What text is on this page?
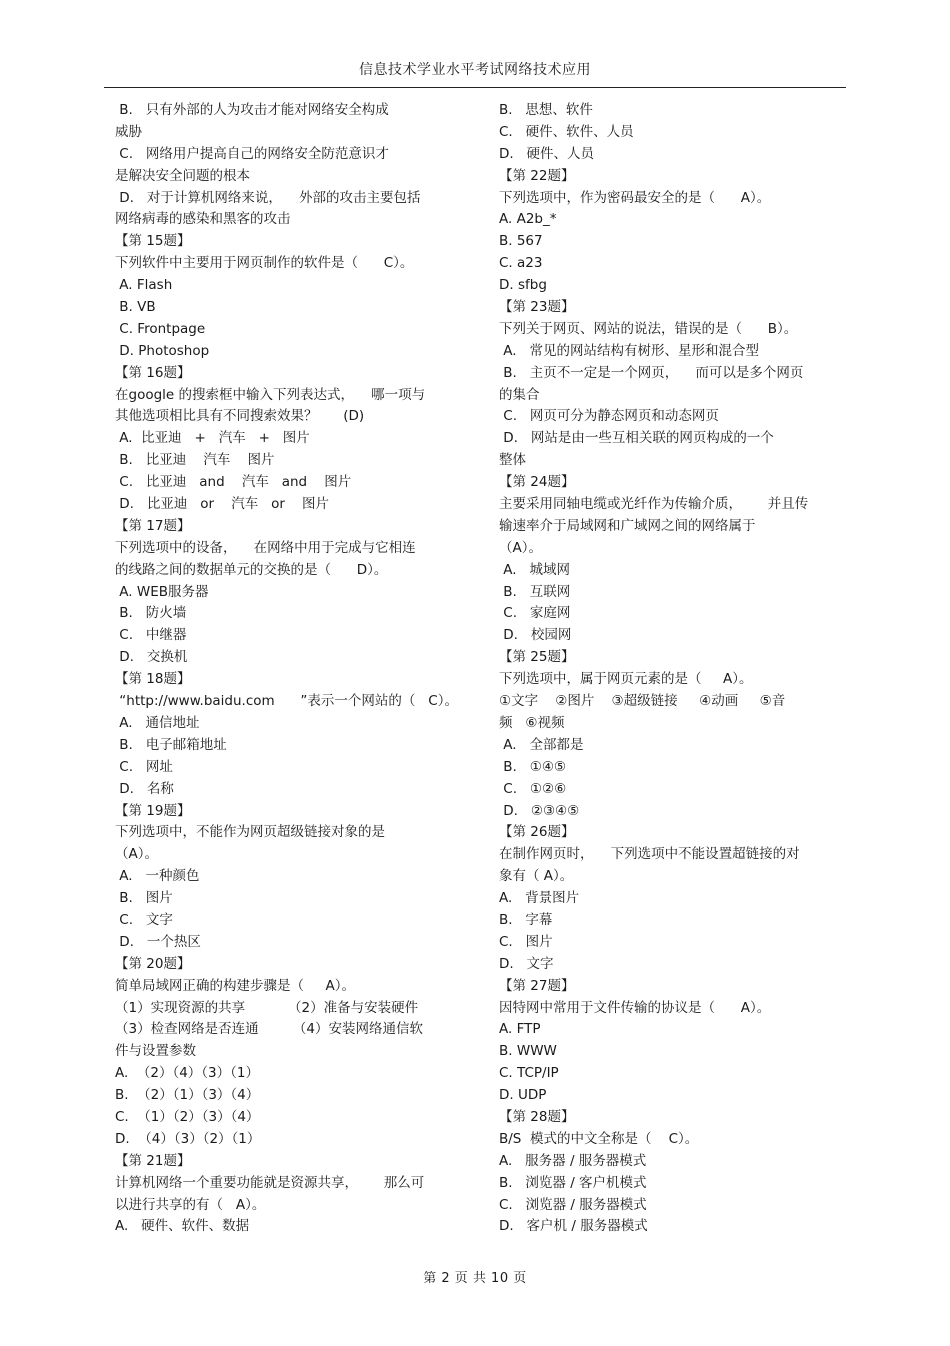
信息技术学业水平考试网络技术应用
B.   只有外部的人为攻击才能对网络安全构成
威胁
C.   网络用户提高自己的网络安全防范意识才
是解决安全问题的根本
D.   对于计算机网络来说，    外部的攻击主要包括
网络病毒的感染和黑客的攻击
【第 15题】
下列软件中主要用于网页制作的软件是（      C）。
A. Flash
B. VB
C. Frontpage
D. Photoshop
【第 16题】
在google 的搜索框中输入下列表达式，    哪一项与
其他选项相比具有不同搜索效果？      (D)
A.  比亚迪   +   汽车   +   图片
B.   比亚迪    汽车    图片
C.   比亚迪   and    汽车   and    图片
D.   比亚迪   or    汽车   or    图片
【第 17题】
下列选项中的设备，    在网络中用于完成与它相连
的线路之间的数据单元的交换的是（      D）。
A. WEB服务器
B.   防火墙
C.   中继器
D.   交换机
【第 18题】
“http://www.baidu.com      ”表示一个网站的（   C）。
A.   通信地址
B.   电子邮箱地址
C.   网址
D.   名称
【第 19题】
下列选项中，不能作为网页超级链接对象的是
（A）。
A.   一种颜色
B.   图片
C.   文字
D.   一个热区
【第 20题】
简单局域网正确的构建步骤是（     A）。
（1）实现资源的共享          （2）准备与安装硬件
（3）检查网络是否连通        （4）安装网络通信软
件与设置参数
A.  （2）（4）（3）（1）
B.  （2）（1）（3）（4）
C.  （1）（2）（3）（4）
D.  （4）（3）（2）（1）
【第 21题】
计算机网络一个重要功能就是资源共享，      那么可
以进行共享的有（   A）。
A.   硬件、软件、数据
B.   思想、软件
C.   硬件、软件、人员
D.   硬件、人员
【第 22题】
下列选项中，作为密码最安全的是（      A）。
A. A2b_*
B. 567
C. a23
D. sfbg
【第 23题】
下列关于网页、网站的说法，错误的是（      B）。
A.   常见的网站结构有树形、星形和混合型
B.   主页不一定是一个网页，    而可以是多个网页
的集合
C.   网页可分为静态网页和动态网页
D.   网站是由一些互相关联的网页构成的一个
整体
【第 24题】
主要采用同轴电缆或光纤作为传输介质，      并且传
输速率介于局域网和广域网之间的网络属于
（A）。
A.   城域网
B.   互联网
C.   家庭网
D.   校园网
【第 25题】
下列选项中，属于网页元素的是（     A）。
①文字    ②图片    ③超级链接     ④动画     ⑤音
频   ⑥视频
A.   全部都是
B.   ①④⑤
C.   ①②⑥
D.   ②③④⑤
【第 26题】
在制作网页时，    下列选项中不能设置超链接的对
象有（ A）。
A.   背景图片
B.   字幕
C.   图片
D.   文字
【第 27题】
因特网中常用于文件传输的协议是（      A）。
A. FTP
B. WWW
C. TCP/IP
D. UDP
【第 28题】
B/S  模式的中文全称是（    C）。
A.   服务器 / 服务器模式
B.   浏览器 / 客户机模式
C.   浏览器 / 服务器模式
D.   客户机 / 服务器模式
第 2 页 共 10 页
